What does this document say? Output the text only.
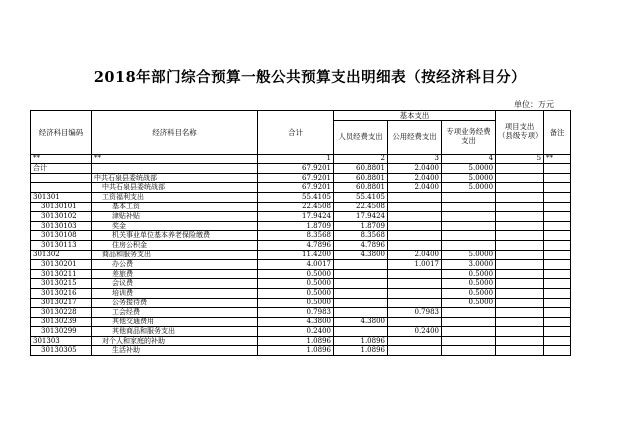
2018年部门综合预算一般公共预算支出明细表（按经济科目分）
单位：万元
经济科目编码	经济科目名称	合计	基本支出			项目支出（县级专项）	备注
			人员经费支出	公用经费支出	专项业务经费支出		
**	**	1	2	3	4	5	**
合计		67.9201	60.8801	2.0400	5.0000		
	中共石泉县委统战部	67.9201	60.8801	2.0400	5.0000		
	中共石泉县委统战部	67.9201	60.8801	2.0400	5.0000		
301301	工资福利支出	55.4105	55.4105				
30130101	基本工资	22.4508	22.4508				
30130102	津贴补贴	17.9424	17.9424				
30130103	奖金	1.8709	1.8709				
30130108	机关事业单位基本养老保险缴费	8.3568	8.3568				
30130113	住房公积金	4.7896	4.7896				
301302	商品和服务支出	11.4200	4.3800	2.0400	5.0000		
30130201	办公费	4.0017		1.0017	3.0000		
30130211	差旅费	0.5000			0.5000		
30130215	会议费	0.5000			0.5000		
30130216	培训费	0.5000			0.5000		
30130217	公务接待费	0.5000			0.5000		
30130228	工会经费	0.7983		0.7983			
30130239	其他交通费用	4.3800	4.3800				
30130299	其他商品和服务支出	0.2400		0.2400			
301303	对个人和家庭的补助	1.0896	1.0896				
30130305	生活补助	1.0896	1.0896				
